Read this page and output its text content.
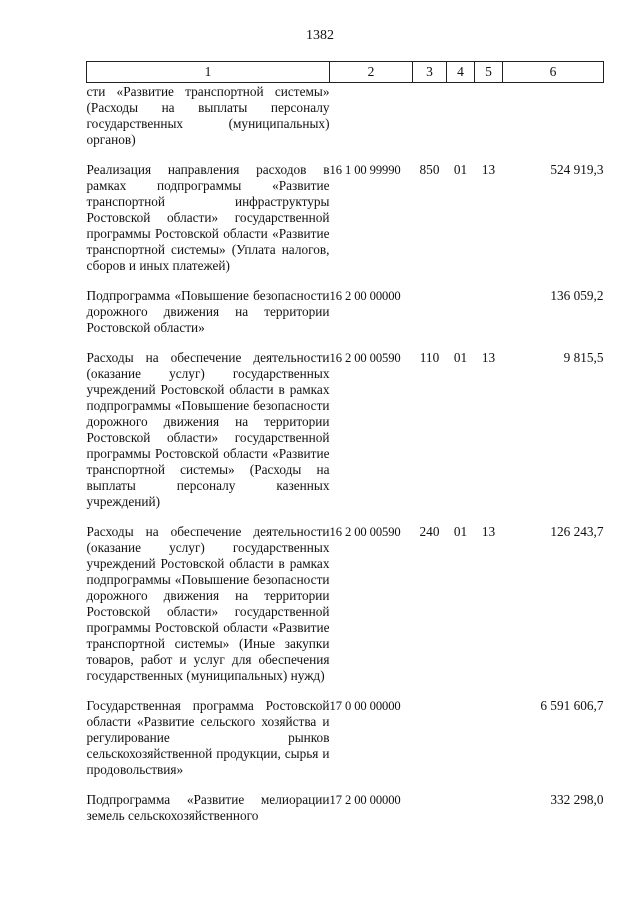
1382
1	2	3	4	5	6
сти «Развитие транспортной системы» (Расходы на выплаты персоналу государственных (муниципальных) органов)					
Реализация направления расходов в рамках подпрограммы «Развитие транспортной инфраструктуры Ростовской области» государственной программы Ростовской области «Развитие транспортной системы» (Уплата налогов, сборов и иных платежей)	16 1 00 99990	850	01	13	524 919,3
Подпрограмма «Повышение безопасности дорожного движения на территории Ростовской области»	16 2 00 00000				136 059,2
Расходы на обеспечение деятельности (оказание услуг) государственных учреждений Ростовской области в рамках подпрограммы «Повышение безопасности дорожного движения на территории Ростовской области» государственной программы Ростовской области «Развитие транспортной системы» (Расходы на выплаты персоналу казенных учреждений)	16 2 00 00590	110	01	13	9 815,5
Расходы на обеспечение деятельности (оказание услуг) государственных учреждений Ростовской области в рамках подпрограммы «Повышение безопасности дорожного движения на территории Ростовской области» государственной программы Ростовской области «Развитие транспортной системы» (Иные закупки товаров, работ и услуг для обеспечения государственных (муниципальных) нужд)	16 2 00 00590	240	01	13	126 243,7
Государственная программа Ростовской области «Развитие сельского хозяйства и регулирование рынков сельскохозяйственной продукции, сырья и продовольствия»	17 0 00 00000				6 591 606,7
Подпрограмма «Развитие мелиорации земель сельскохозяйственного	17 2 00 00000				332 298,0
